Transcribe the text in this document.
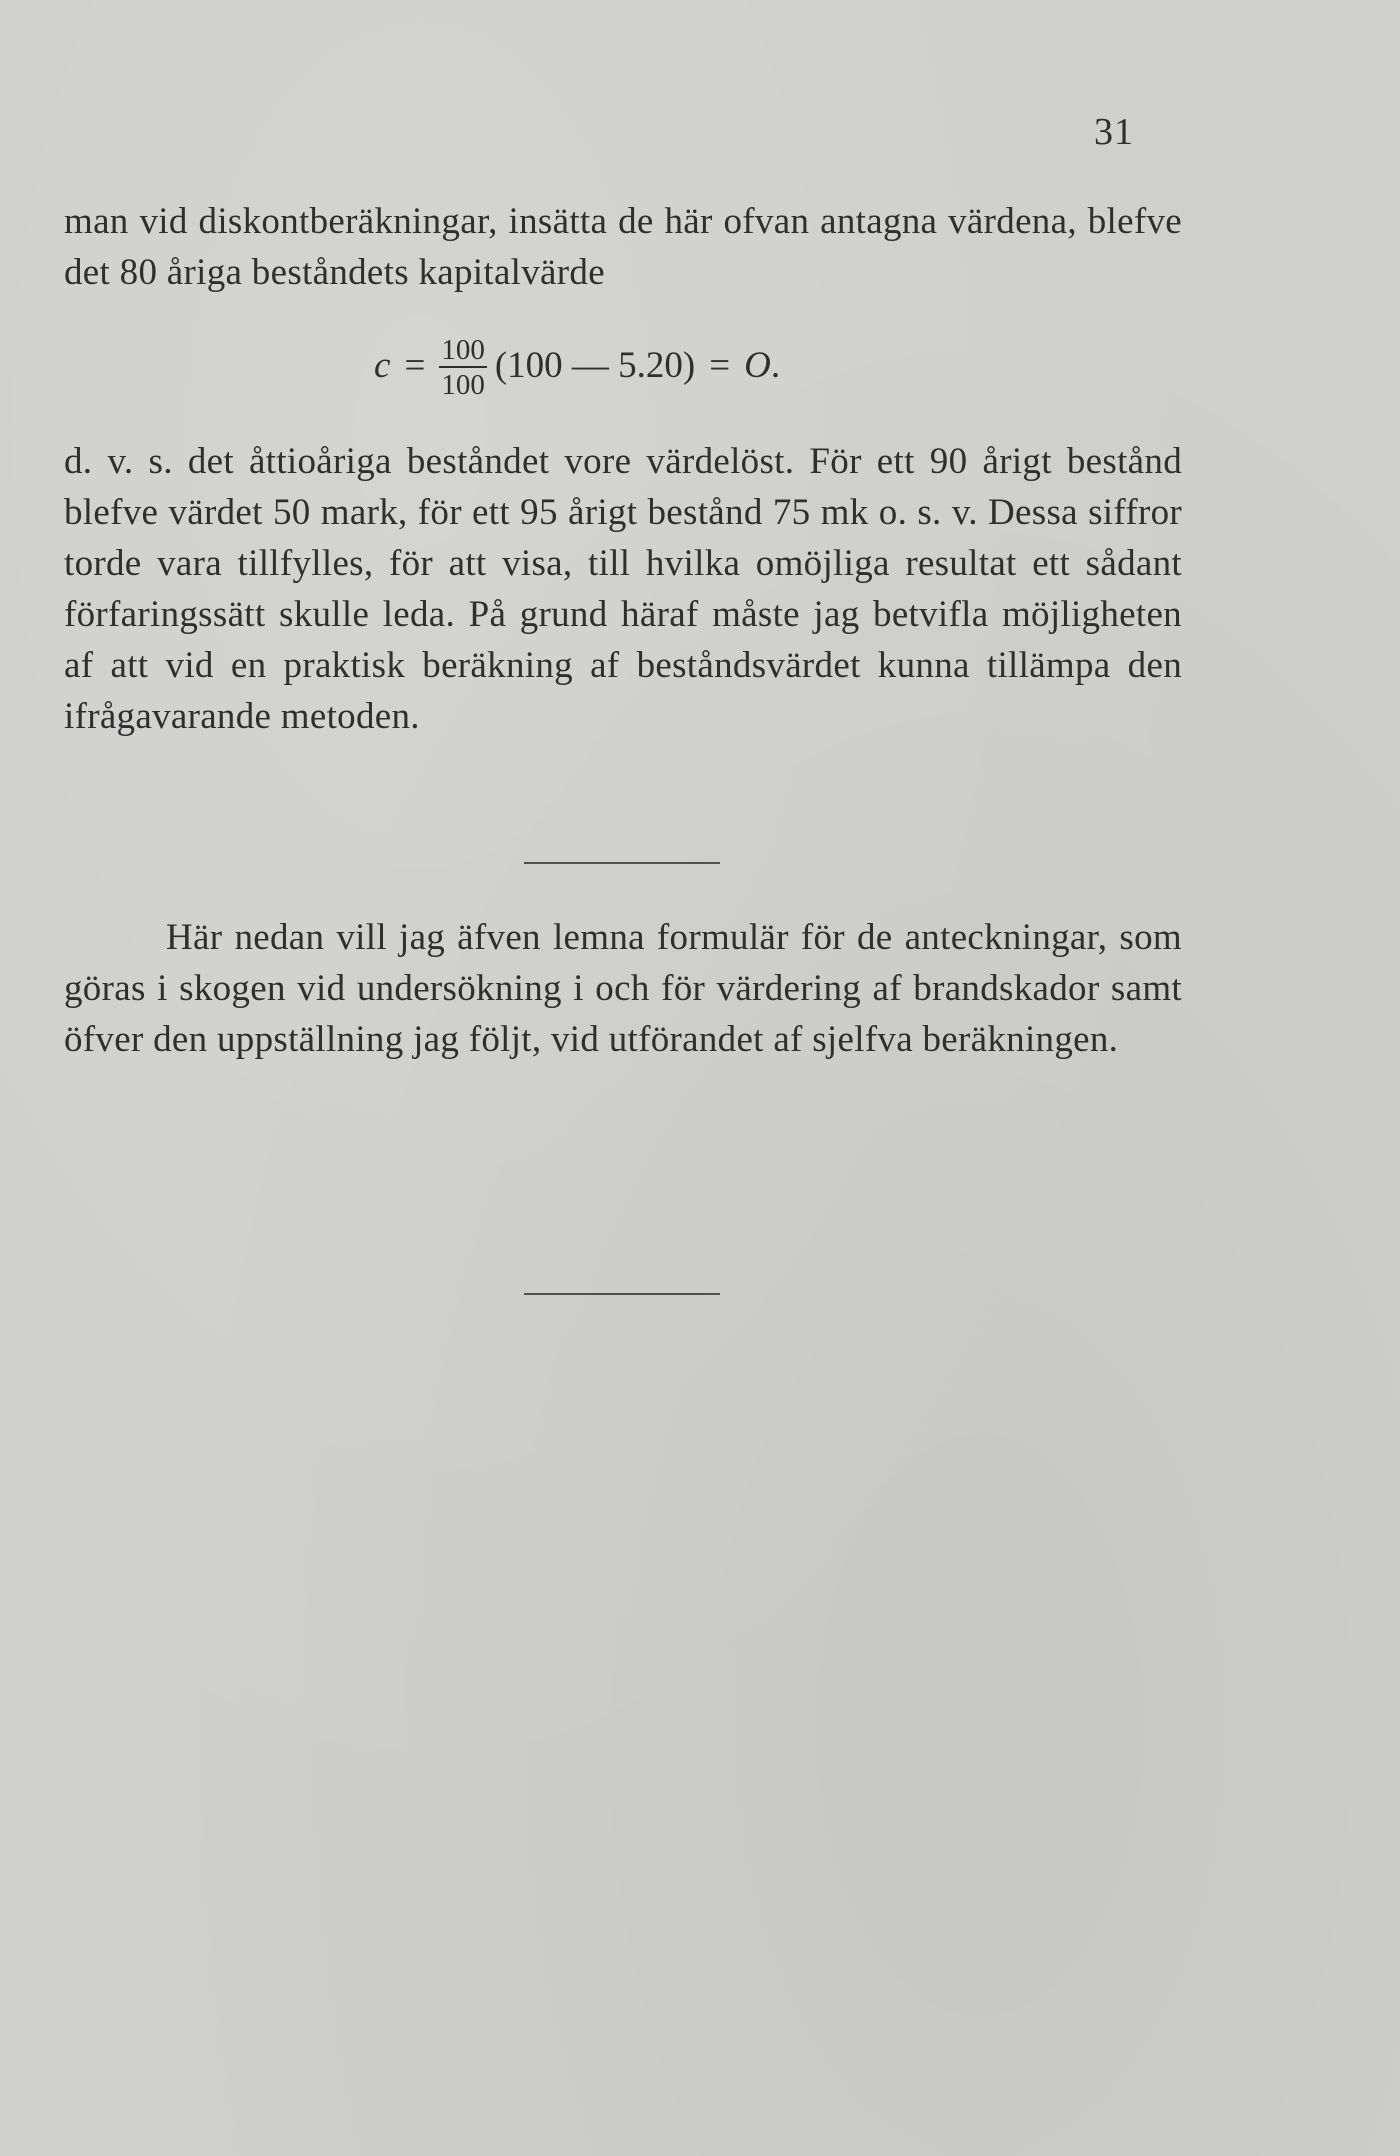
31
man vid diskontberäkningar, insätta de här ofvan antagna värdena, blefve det 80 åriga beståndets kapitalvärde
$c = \frac{100}{100} (100$ — 5.20) = O .
d. v. s. det åttioåriga beståndet vore värdelöst. För ett 90 årigt bestånd blefve värdet 50 mark, för ett 95 årigt bestånd 75 mk o. s. v. Dessa siffror torde vara tillfylles, för att visa, till hvilka omöjliga resultat ett sådant förfaringssätt skulle leda. På grund häraf måste jag betvifla möjligheten af att vid en praktisk beräkning af beståndsvärdet kunna tillämpa den ifrågavarande metoden.
Här nedan vill jag äfven lemna formulär för de anteckningar, som göras i skogen vid undersökning i och för värdering af brandskador samt öfver den uppställning jag följt, vid utförandet af sjelfva beräkningen.
